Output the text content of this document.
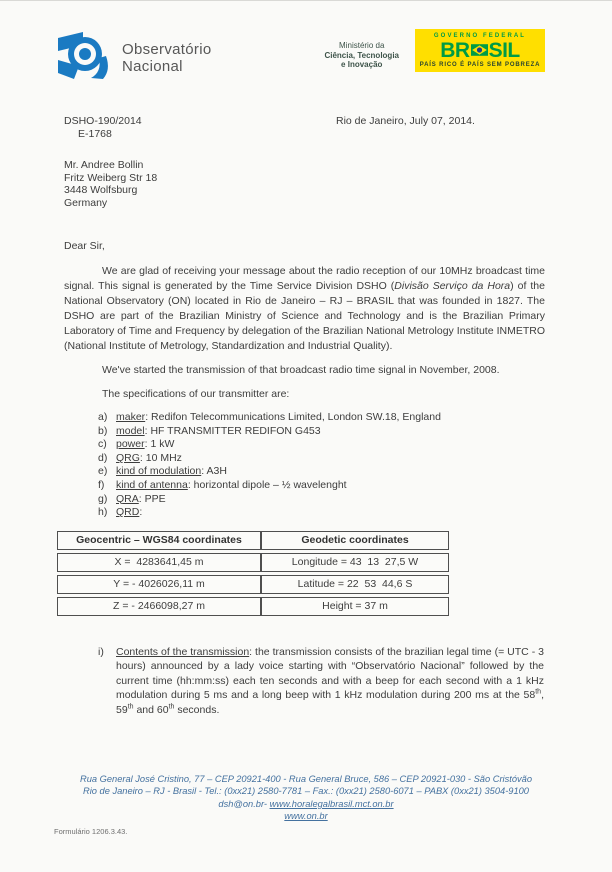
Observatório
Nacional
Ministério da
Ciência, Tecnologia
e Inovação
GOVERNO FEDERAL
BR SIL
PAÍS RICO É PAÍS SEM POBREZA
DSHO-190/2014
E-1768
Rio de Janeiro, July 07, 2014.
Mr. Andree Bollin
Fritz Weiberg Str 18
3448 Wolfsburg
Germany
Dear Sir,

We are glad of receiving your message about the radio reception of our 10MHz broadcast time signal. This signal is generated by the Time Service Division DSHO (Divisão Serviço da Hora) of the National Observatory (ON) located in Rio de Janeiro – RJ – BRASIL that was founded in 1827. The DSHO are part of the Brazilian Ministry of Science and Technology and is the Brazilian Primary Laboratory of Time and Frequency by delegation of the Brazilian National Metrology Institute INMETRO (National Institute of Metrology, Standardization and Industrial Quality).

We've started the transmission of that broadcast radio time signal in November, 2008.

The specifications of our transmitter are:

a) maker: Redifon Telecommunications Limited, London SW.18, England
b) model: HF TRANSMITTER REDIFON G453
c) power: 1 kW
d) QRG: 10 MHz
e) kind of modulation: A3H
f)	kind of antenna: horizontal dipole – ½ wavelenght
g) QRA: PPE
h) QRD:
Geocentric – WGS84 coordinates	Geodetic coordinates
X =  4283641,45 m	Longitude = 43  13  27,5 W
Y = - 4026026,11 m	Latitude = 22  53  44,6 S
Z = - 2466098,27 m	Height = 37 m
i)	Contents of the transmission: the transmission consists of the brazilian legal time (= UTC - 3 hours) announced by a lady voice starting with “Observatório Nacional” followed by the current time (hh:mm:ss) each ten seconds and with a beep for each second with a 1 kHz modulation during 5 ms and a long beep with 1 kHz modulation during 200 ms at the 58th, 59th and 60th seconds.
Rua General José Cristino, 77 – CEP 20921-400 - Rua General Bruce, 586 – CEP 20921-030 - São Cristóvão
Rio de Janeiro – RJ - Brasil - Tel.: (0xx21) 2580-7781 – Fax.: (0xx21) 2580-6071 – PABX (0xx21) 3504-9100
dsh@on.br- www.horalegalbrasil.mct.on.br
www.on.br
Formulário 1206.3.43.
